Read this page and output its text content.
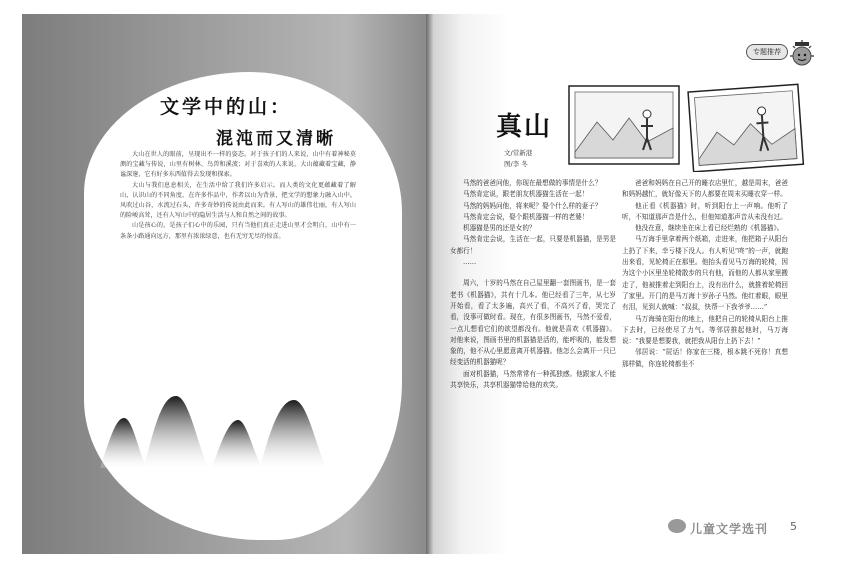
文学中的山：
混沌而又清晰

大山在世人的眼前，呈现出不一样的姿态。对于孩子们的人来说，山中有着神秘莫测的宝藏与传说，山里有树林、鸟兽和溪流；对于喜欢的人来说，大山蕴藏着宝藏，静谧深邃，它有好多东西值得去发现和探索。

大山与我们息息相关，在生活中给了我们许多启示。而人类的文化更蕴藏着了解山、认识山的不同角度。在许多作品中，作者以山为背景，把文学的想象力融入山中。风吹过山谷，水流过石头，许多奇妙的传说由此而来。有人写山的雄伟壮丽，有人写山的险峻高耸，还有人写山中的隐居生活与人和自然之间的故事。

山是孩心的，是孩子们心中的乐园，只有当他们真正走进山里才会明白，山中有一条条小路通向远方，那里有浓浓绿意，也有无穷无尽的惊喜。

专题推荐
真山
文/常新港
图/李 冬

马然的爸爸问他，你现在最想做的事情是什么？

马然肯定说，跟老朋友机器猫生活在一起！

马然的妈妈问他，将来呢？娶个什么样的妻子？

马然肯定会说，娶个跟机器猫一样的老婆！

机器猫是男的还是女的？

马然肯定会说，生活在一起，只要是机器猫，是男是女都行！

……

周六，十岁的马然在自己屋里翻一套图画书，是一套老书《机器猫》，共有十几本。他已经看了三年，从七岁开始看，看了太多遍，高兴了看，不高兴了看，哭完了看，没事可做时看。现在，有很多图画书，马然不爱看，一点儿想看它们的欲望都没有。他就是喜欢《机器猫》。对他来说，图画书里的机器猫是活的，能呼吸的，能发想象的，他不从心里愿意离开机器猫。他怎么会离开一只已经变活的机器猫呢？

面对机器猫，马然常常有一种孤独感。他跟家人不能共享快乐，共享机器猫带给他的欢笑。

爸爸和妈妈在自己开的睡衣店里忙，越是周末，爸爸和妈妈越忙，就好像天下的人都要在周末买睡衣穿一样。

他正看《机器猫》时，听到阳台上一声响。他听了听，不知道那声音是什么，但他知道那声音从未没有过。

他没在意，继续坐在床上看已经烂熟的《机器猫》。

马万海手里拿着两个纸箱，走进来，他把箱子从阳台上扔了下来，幸亏楼下没人。有人听见“咚”的一声，就跑出来看，见轮椅正在那里。他抬头看见马万海的轮椅，因为这个小区里坐轮椅散步的只有他，而他的人都从家里搬走了，他被推着走到阳台上，没有出什么，就推着轮椅回了家里。开门的是马万海十岁孙子马然。他红着眼，眼里有泪，见到人就喊：“叔叔，快帮一下我爷爷……”

马万海骑在阳台的地上，他把自己的轮椅从阳台上推下去时，已经使尽了力气。等邻居推起他时，马万海说：“我要是想要我，就把我从阳台上扔下去！”

邻居说：“屁话！你家在三楼，根本跳不死你！真想那样做，你连轮椅都坐不

儿童文学选刊 5
